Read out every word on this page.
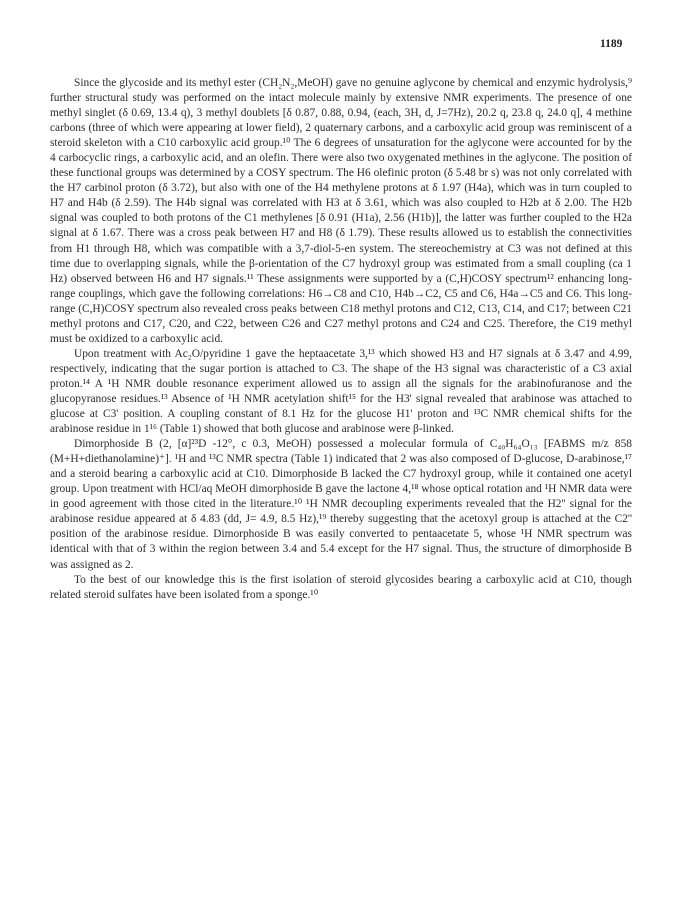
1189

Since the glycoside and its methyl ester (CH₂N₂,MeOH) gave no genuine aglycone by chemical and enzymic hydrolysis,⁹ further structural study was performed on the intact molecule mainly by extensive NMR experiments. The presence of one methyl singlet (δ 0.69, 13.4 q), 3 methyl doublets [δ 0.87, 0.88, 0.94, (each, 3H, d, J=7Hz), 20.2 q, 23.8 q, 24.0 q], 4 methine carbons (three of which were appearing at lower field), 2 quaternary carbons, and a carboxylic acid group was reminiscent of a steroid skeleton with a C10 carboxylic acid group.¹⁰ The 6 degrees of unsaturation for the aglycone were accounted for by the 4 carbocyclic rings, a carboxylic acid, and an olefin. There were also two oxygenated methines in the aglycone. The position of these functional groups was determined by a COSY spectrum. The H6 olefinic proton (δ 5.48 br s) was not only correlated with the H7 carbinol proton (δ 3.72), but also with one of the H4 methylene protons at δ 1.97 (H4a), which was in turn coupled to H7 and H4b (δ 2.59). The H4b signal was correlated with H3 at δ 3.61, which was also coupled to H2b at δ 2.00. The H2b signal was coupled to both protons of the C1 methylenes [δ 0.91 (H1a), 2.56 (H1b)], the latter was further coupled to the H2a signal at δ 1.67. There was a cross peak between H7 and H8 (δ 1.79). These results allowed us to establish the connectivities from H1 through H8, which was compatible with a 3,7-diol-5-en system. The stereochemistry at C3 was not defined at this time due to overlapping signals, while the β-orientation of the C7 hydroxyl group was estimated from a small coupling (ca 1 Hz) observed between H6 and H7 signals.¹¹ These assignments were supported by a (C,H)COSY spectrum¹² enhancing long-range couplings, which gave the following correlations: H6→C8 and C10, H4b→C2, C5 and C6, H4a→C5 and C6. This long-range (C,H)COSY spectrum also revealed cross peaks between C18 methyl protons and C12, C13, C14, and C17; between C21 methyl protons and C17, C20, and C22, between C26 and C27 methyl protons and C24 and C25. Therefore, the C19 methyl must be oxidized to a carboxylic acid.

Upon treatment with Ac₂O/pyridine 1 gave the heptaacetate 3,¹³ which showed H3 and H7 signals at δ 3.47 and 4.99, respectively, indicating that the sugar portion is attached to C3. The shape of the H3 signal was characteristic of a C3 axial proton.¹⁴ A ¹H NMR double resonance experiment allowed us to assign all the signals for the arabinofuranose and the glucopyranose residues.¹³ Absence of ¹H NMR acetylation shift¹⁵ for the H3' signal revealed that arabinose was attached to glucose at C3' position. A coupling constant of 8.1 Hz for the glucose H1' proton and ¹³C NMR chemical shifts for the arabinose residue in 1¹⁶ (Table 1) showed that both glucose and arabinose were β-linked.

Dimorphoside B (2, [α]²³D -12°, c 0.3, MeOH) possessed a molecular formula of C₄₀H₆₄O₁₃ [FABMS m/z 858 (M+H+diethanolamine)⁺]. ¹H and ¹³C NMR spectra (Table 1) indicated that 2 was also composed of D-glucose, D-arabinose,¹⁷ and a steroid bearing a carboxylic acid at C10. Dimorphoside B lacked the C7 hydroxyl group, while it contained one acetyl group. Upon treatment with HCl/aq MeOH dimorphoside B gave the lactone 4,¹⁸ whose optical rotation and ¹H NMR data were in good agreement with those cited in the literature.¹⁰ ¹H NMR decoupling experiments revealed that the H2'' signal for the arabinose residue appeared at δ 4.83 (dd, J= 4.9, 8.5 Hz),¹⁹ thereby suggesting that the acetoxyl group is attached at the C2'' position of the arabinose residue. Dimorphoside B was easily converted to pentaacetate 5, whose ¹H NMR spectrum was identical with that of 3 within the region between 3.4 and 5.4 except for the H7 signal. Thus, the structure of dimorphoside B was assigned as 2.

To the best of our knowledge this is the first isolation of steroid glycosides bearing a carboxylic acid at C10, though related steroid sulfates have been isolated from a sponge.¹⁰
